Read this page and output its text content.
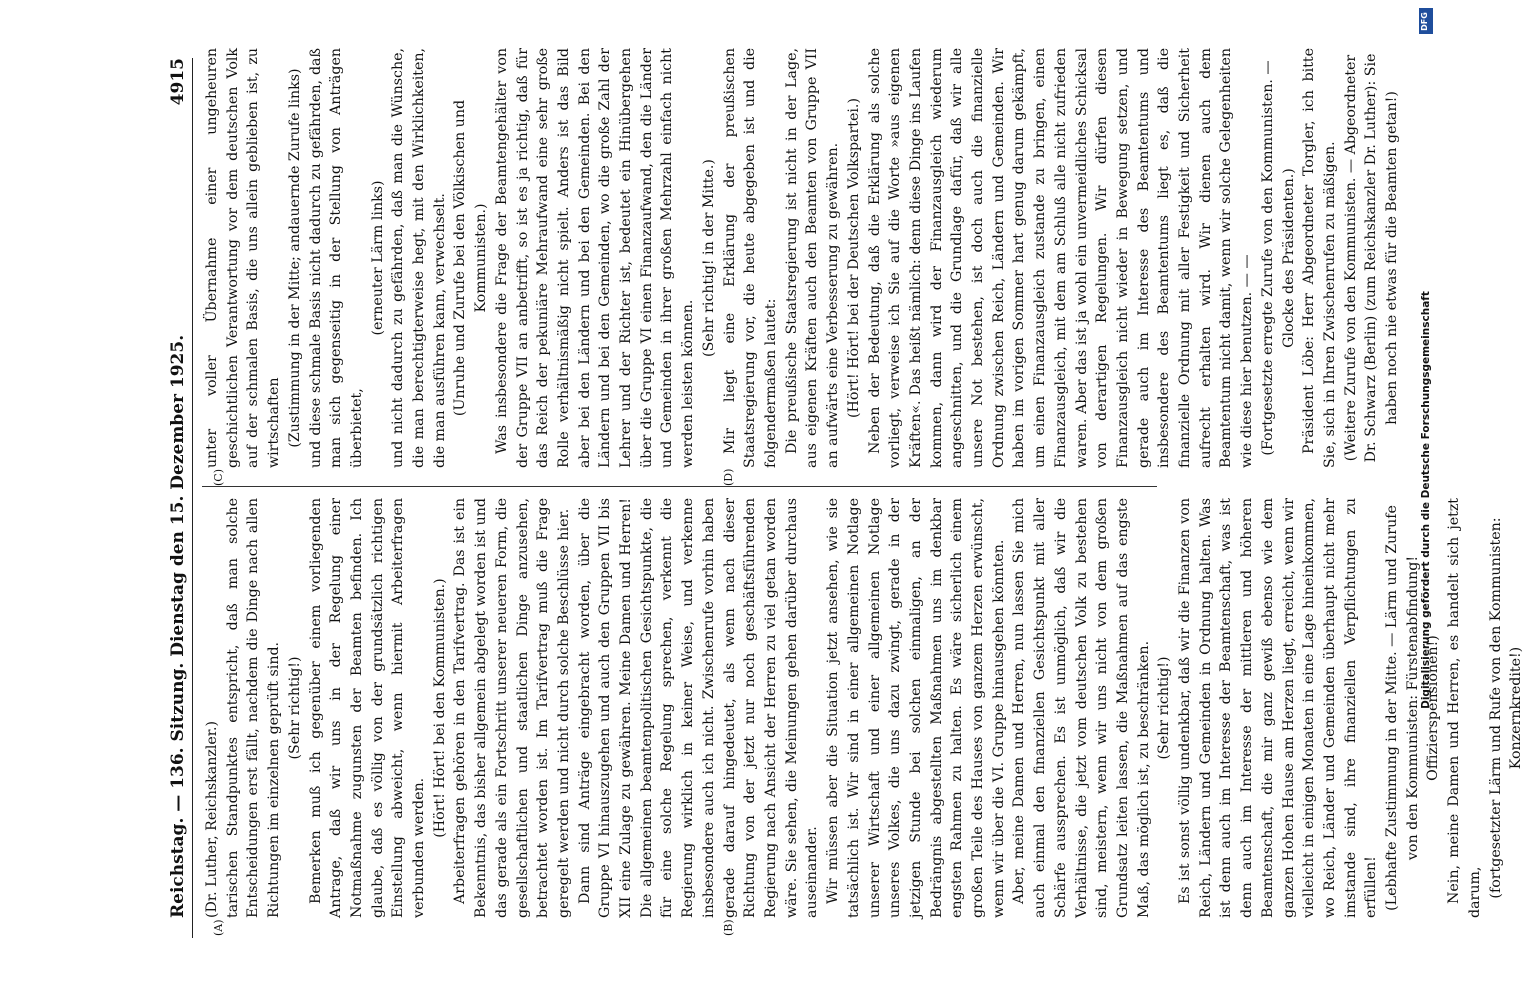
Reichstag. — 136. Sitzung. Dienstag den 15. Dezember 1925.
4915
(A)	(B)
(C)	(D)

(Dr. Luther, Reichskanzler.) tarischen Standpunktes entspricht, daß man solche Entscheidungen erst fällt, nachdem die Dinge nach allen Richtungen im einzelnen geprüft sind. (Sehr richtig!) Bemerken muß ich gegenüber einem vorliegenden Antrage, daß wir uns in der Regelung einer Notmaßnahme zugunsten der Beamten befinden. Ich glaube, daß es völlig von der grundsätzlich richtigen Einstellung abweicht, wenn hiermit Arbeiterfragen verbunden werden.

(Hört! Hört! bei den Kommunisten.) Arbeiterfragen gehören in den Tarifvertrag. Das ist ein Bekenntnis, das bisher allgemein abgelegt worden ist und das gerade als ein Fortschritt unserer neueren Form, die gesellschaftlichen und staatlichen Dinge anzusehen, betrachtet worden ist. Im Tarifvertrag muß die Frage geregelt werden und nicht durch solche Beschlüsse hier. Dann sind Anträge eingebracht worden, über die Gruppe VI hinauszugehen und auch den Gruppen VII bis XII eine Zulage zu gewähren. Meine Damen und Herren! Die allgemeinen beamtenpolitischen Gesichtspunkte, die für eine solche Regelung sprechen, verkennt die Regierung wirklich in keiner Weise, und verkenne insbesondere auch ich nicht. Zwischenrufe vorhin haben gerade darauf hingedeutet, als wenn nach dieser Richtung von der jetzt nur noch geschäftsführenden Regierung nach Ansicht der Herren zu viel getan worden wäre. Sie sehen, die Meinungen gehen darüber durchaus auseinander. Wir müssen aber die Situation jetzt ansehen, wie sie tatsächlich ist. Wir sind in einer allgemeinen Notlage unserer Wirtschaft und einer allgemeinen Notlage unseres Volkes, die uns dazu zwingt, gerade in der jetzigen Stunde bei solchen einmaligen, an der Bedrängnis abgestellten Maßnahmen uns im denkbar engsten Rahmen zu halten. Es wäre sicherlich einem großen Teile des Hauses von ganzem Herzen erwünscht, wenn wir über die VI. Gruppe hinausgehen könnten. Aber, meine Damen und Herren, nun lassen Sie mich auch einmal den finanziellen Gesichtspunkt mit aller Schärfe aussprechen. Es ist unmöglich, daß wir die Verhältnisse, die jetzt vom deutschen Volk zu bestehen sind, meistern, wenn wir uns nicht von dem großen Grundsatz leiten lassen, die Maßnahmen auf das engste Maß, das möglich ist, zu beschränken. (Sehr richtig!) Es ist sonst völlig undenkbar, daß wir die Finanzen von Reich, Ländern und Gemeinden in Ordnung halten. Was ist denn auch im Interesse der Beamtenschaft, was ist denn auch im Interesse der mittleren und höheren Beamtenschaft, die mir ganz gewiß ebenso wie dem ganzen Hohen Hause am Herzen liegt, erreicht, wenn wir vielleicht in einigen Monaten in eine Lage hineinkommen, wo Reich, Länder und Gemeinden überhaupt nicht mehr imstande sind, ihre finanziellen Verpflichtungen zu erfüllen! (Lebhafte Zustimmung in der Mitte. — Lärm und Zurufe von den Kommunisten: Fürstenabfindung! Offizierspensionen!) Nein, meine Damen und Herren, es handelt sich jetzt darum, (fortgesetzter Lärm und Rufe von den Kommunisten: Konzernkredite!)

unter voller Übernahme einer ungeheuren geschichtlichen Verantwortung vor dem deutschen Volk auf der schmalen Basis, die uns allein geblieben ist, zu wirtschaften (Zustimmung in der Mitte; andauernde Zurufe links) und diese schmale Basis nicht dadurch zu gefährden, daß man sich gegenseitig in der Stellung von Anträgen überbietet,

(erneuter Lärm links) und nicht dadurch zu gefährden, daß man die Wünsche, die man berechtigterweise hegt, mit den Wirklichkeiten, die man ausführen kann, verwechselt. (Unruhe und Zurufe bei den Völkischen und Kommunisten.) Was insbesondere die Frage der Beamtengehälter von der Gruppe VII an anbetrifft, so ist es ja richtig, daß für das Reich der pekuniäre Mehraufwand eine sehr große Rolle verhältnismäßig nicht spielt. Anders ist das Bild aber bei den Ländern und bei den Gemeinden. Bei den Ländern und bei den Gemeinden, wo die große Zahl der Lehrer und der Richter ist, bedeutet ein Hinübergehen über die Gruppe VI einen Finanzaufwand, den die Länder und Gemeinden in ihrer großen Mehrzahl einfach nicht werden leisten können.

(Sehr richtig! in der Mitte.) Mir liegt eine Erklärung der preußischen Staatsregierung vor, die heute abgegeben ist und die folgendermaßen lautet: Die preußische Staatsregierung ist nicht in der Lage, aus eigenen Kräften auch den Beamten von Gruppe VII an aufwärts eine Verbesserung zu gewähren. (Hört! Hört! bei der Deutschen Volkspartei.) Neben der Bedeutung, daß die Erklärung als solche vorliegt, verweise ich Sie auf die Worte »aus eigenen Kräften«. Das heißt nämlich: denn diese Dinge ins Laufen kommen, dann wird der Finanzausgleich wiederum angeschnitten, und die Grundlage dafür, daß wir alle unsere Not bestehen, ist doch auch die finanzielle Ordnung zwischen Reich, Ländern und Gemeinden. Wir haben im vorigen Sommer hart genug darum gekämpft, um einen Finanzausgleich zustande zu bringen, einen Finanzausgleich, mit dem am Schluß alle nicht zufrieden waren. Aber das ist ja wohl ein unvermeidliches Schicksal von derartigen Regelungen. Wir dürfen diesen Finanzausgleich nicht wieder in Bewegung setzen, und gerade auch im Interesse des Beamtentums und insbesondere des Beamtentums liegt es, daß die finanzielle Ordnung mit aller Festigkeit und Sicherheit aufrecht erhalten wird. Wir dienen auch dem Beamtentum nicht damit, wenn wir solche Gelegenheiten wie diese hier benutzen. — — (Fortgesetzte erregte Zurufe von den Kommunisten. — Glocke des Präsidenten.) Präsident Löbe: Herr Abgeordneter Torgler, ich bitte Sie, sich in Ihren Zwischenrufen zu mäßigen. (Weitere Zurufe von den Kommunisten. — Abgeordneter Dr. Schwarz (Berlin) (zum Reichskanzler Dr. Luther): Sie haben noch nie etwas für die Beamten getan!)

DFG
Digitalisierung gefördert durch die Deutsche Forschungsgemeinschaft
